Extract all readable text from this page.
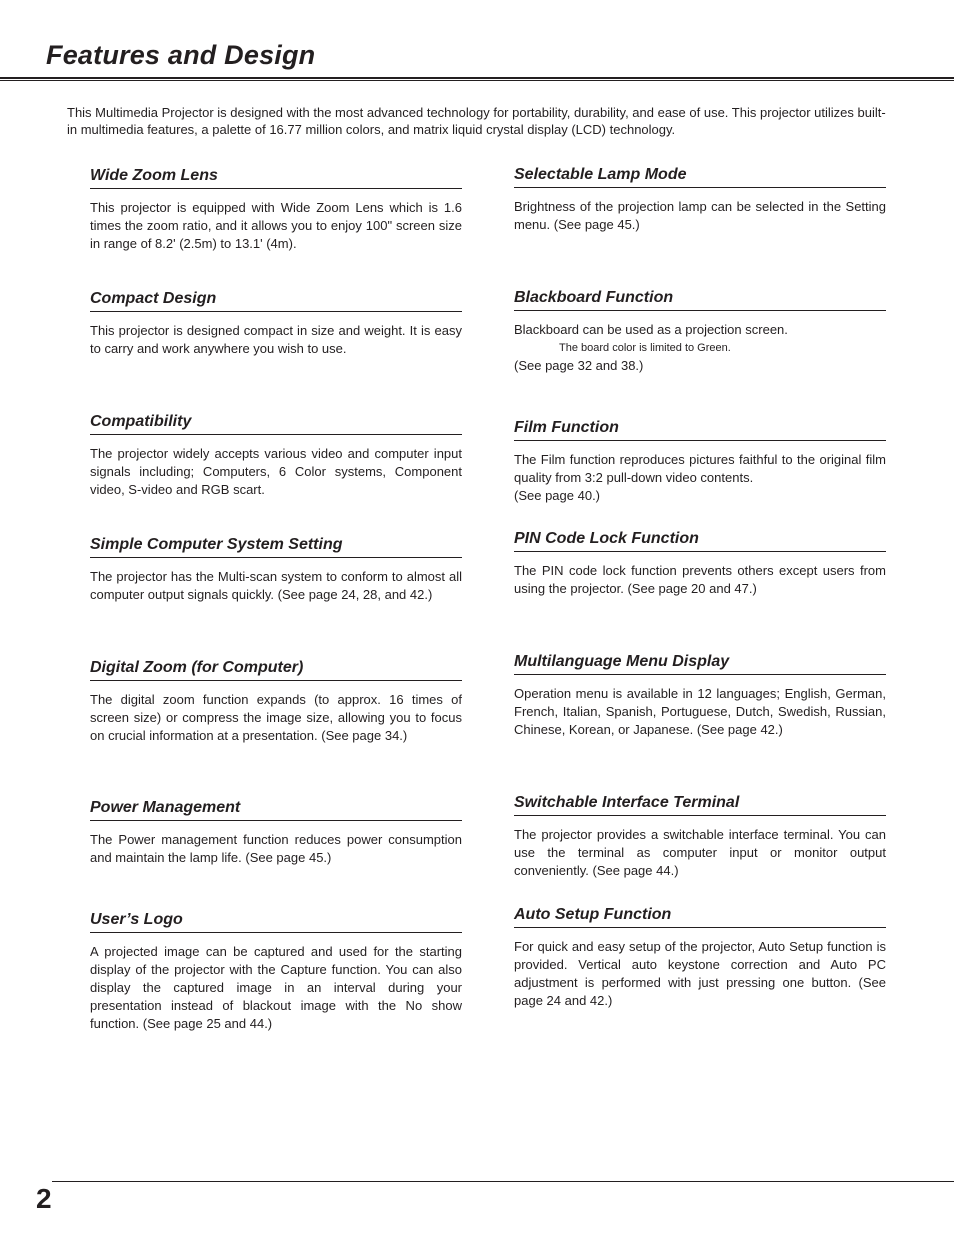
Features and Design

This Multimedia Projector is designed with the most advanced technology for portability, durability, and ease of use. This projector utilizes built-in multimedia features, a palette of 16.77 million colors, and matrix liquid crystal display (LCD) technology.

Wide Zoom Lens

This projector is equipped with Wide Zoom Lens which is 1.6 times the zoom ratio, and it allows you to enjoy 100" screen size in range of 8.2' (2.5m) to 13.1' (4m).

Compact Design

This projector is designed compact in size and weight. It is easy to carry and work anywhere you wish to use.

Compatibility

The projector widely accepts various video and computer input signals including; Computers, 6 Color systems, Component video, S-video and RGB scart.

Simple Computer System Setting

The projector has the Multi-scan system to conform to almost all computer output signals quickly. (See page 24, 28, and 42.)

Digital Zoom (for Computer)

The digital zoom function expands (to approx. 16 times of screen size) or compress the image size, allowing you to focus on crucial information at a presentation. (See page 34.)

Power Management

The Power management function reduces power consumption and maintain the lamp life. (See page 45.)

User’s Logo

A projected image can be captured and used for the starting display of the projector with the Capture function. You can also display the captured image in an interval during your presentation instead of blackout image with the No show function. (See page 25 and 44.)

Selectable Lamp Mode

Brightness of the projection lamp can be selected in the Setting menu. (See page 45.)

Blackboard Function

Blackboard can be used as a projection screen.

The board color is limited to Green.

(See page 32 and 38.)

Film Function

The Film function reproduces pictures faithful to the original film quality from 3:2 pull-down video contents.

(See page 40.)

PIN Code Lock Function

The PIN code lock function prevents others except users from using the projector. (See page 20 and 47.)

Multilanguage Menu Display

Operation menu is available in 12 languages; English, German, French, Italian, Spanish, Portuguese, Dutch, Swedish, Russian, Chinese, Korean, or Japanese. (See page 42.)

Switchable Interface Terminal

The projector provides a switchable interface terminal. You can use the terminal as computer input or monitor output conveniently. (See page 44.)

Auto Setup Function

For quick and easy setup of the projector, Auto Setup function is provided. Vertical auto keystone correction and Auto PC adjustment is performed with just pressing one button. (See page 24 and 42.)

2
